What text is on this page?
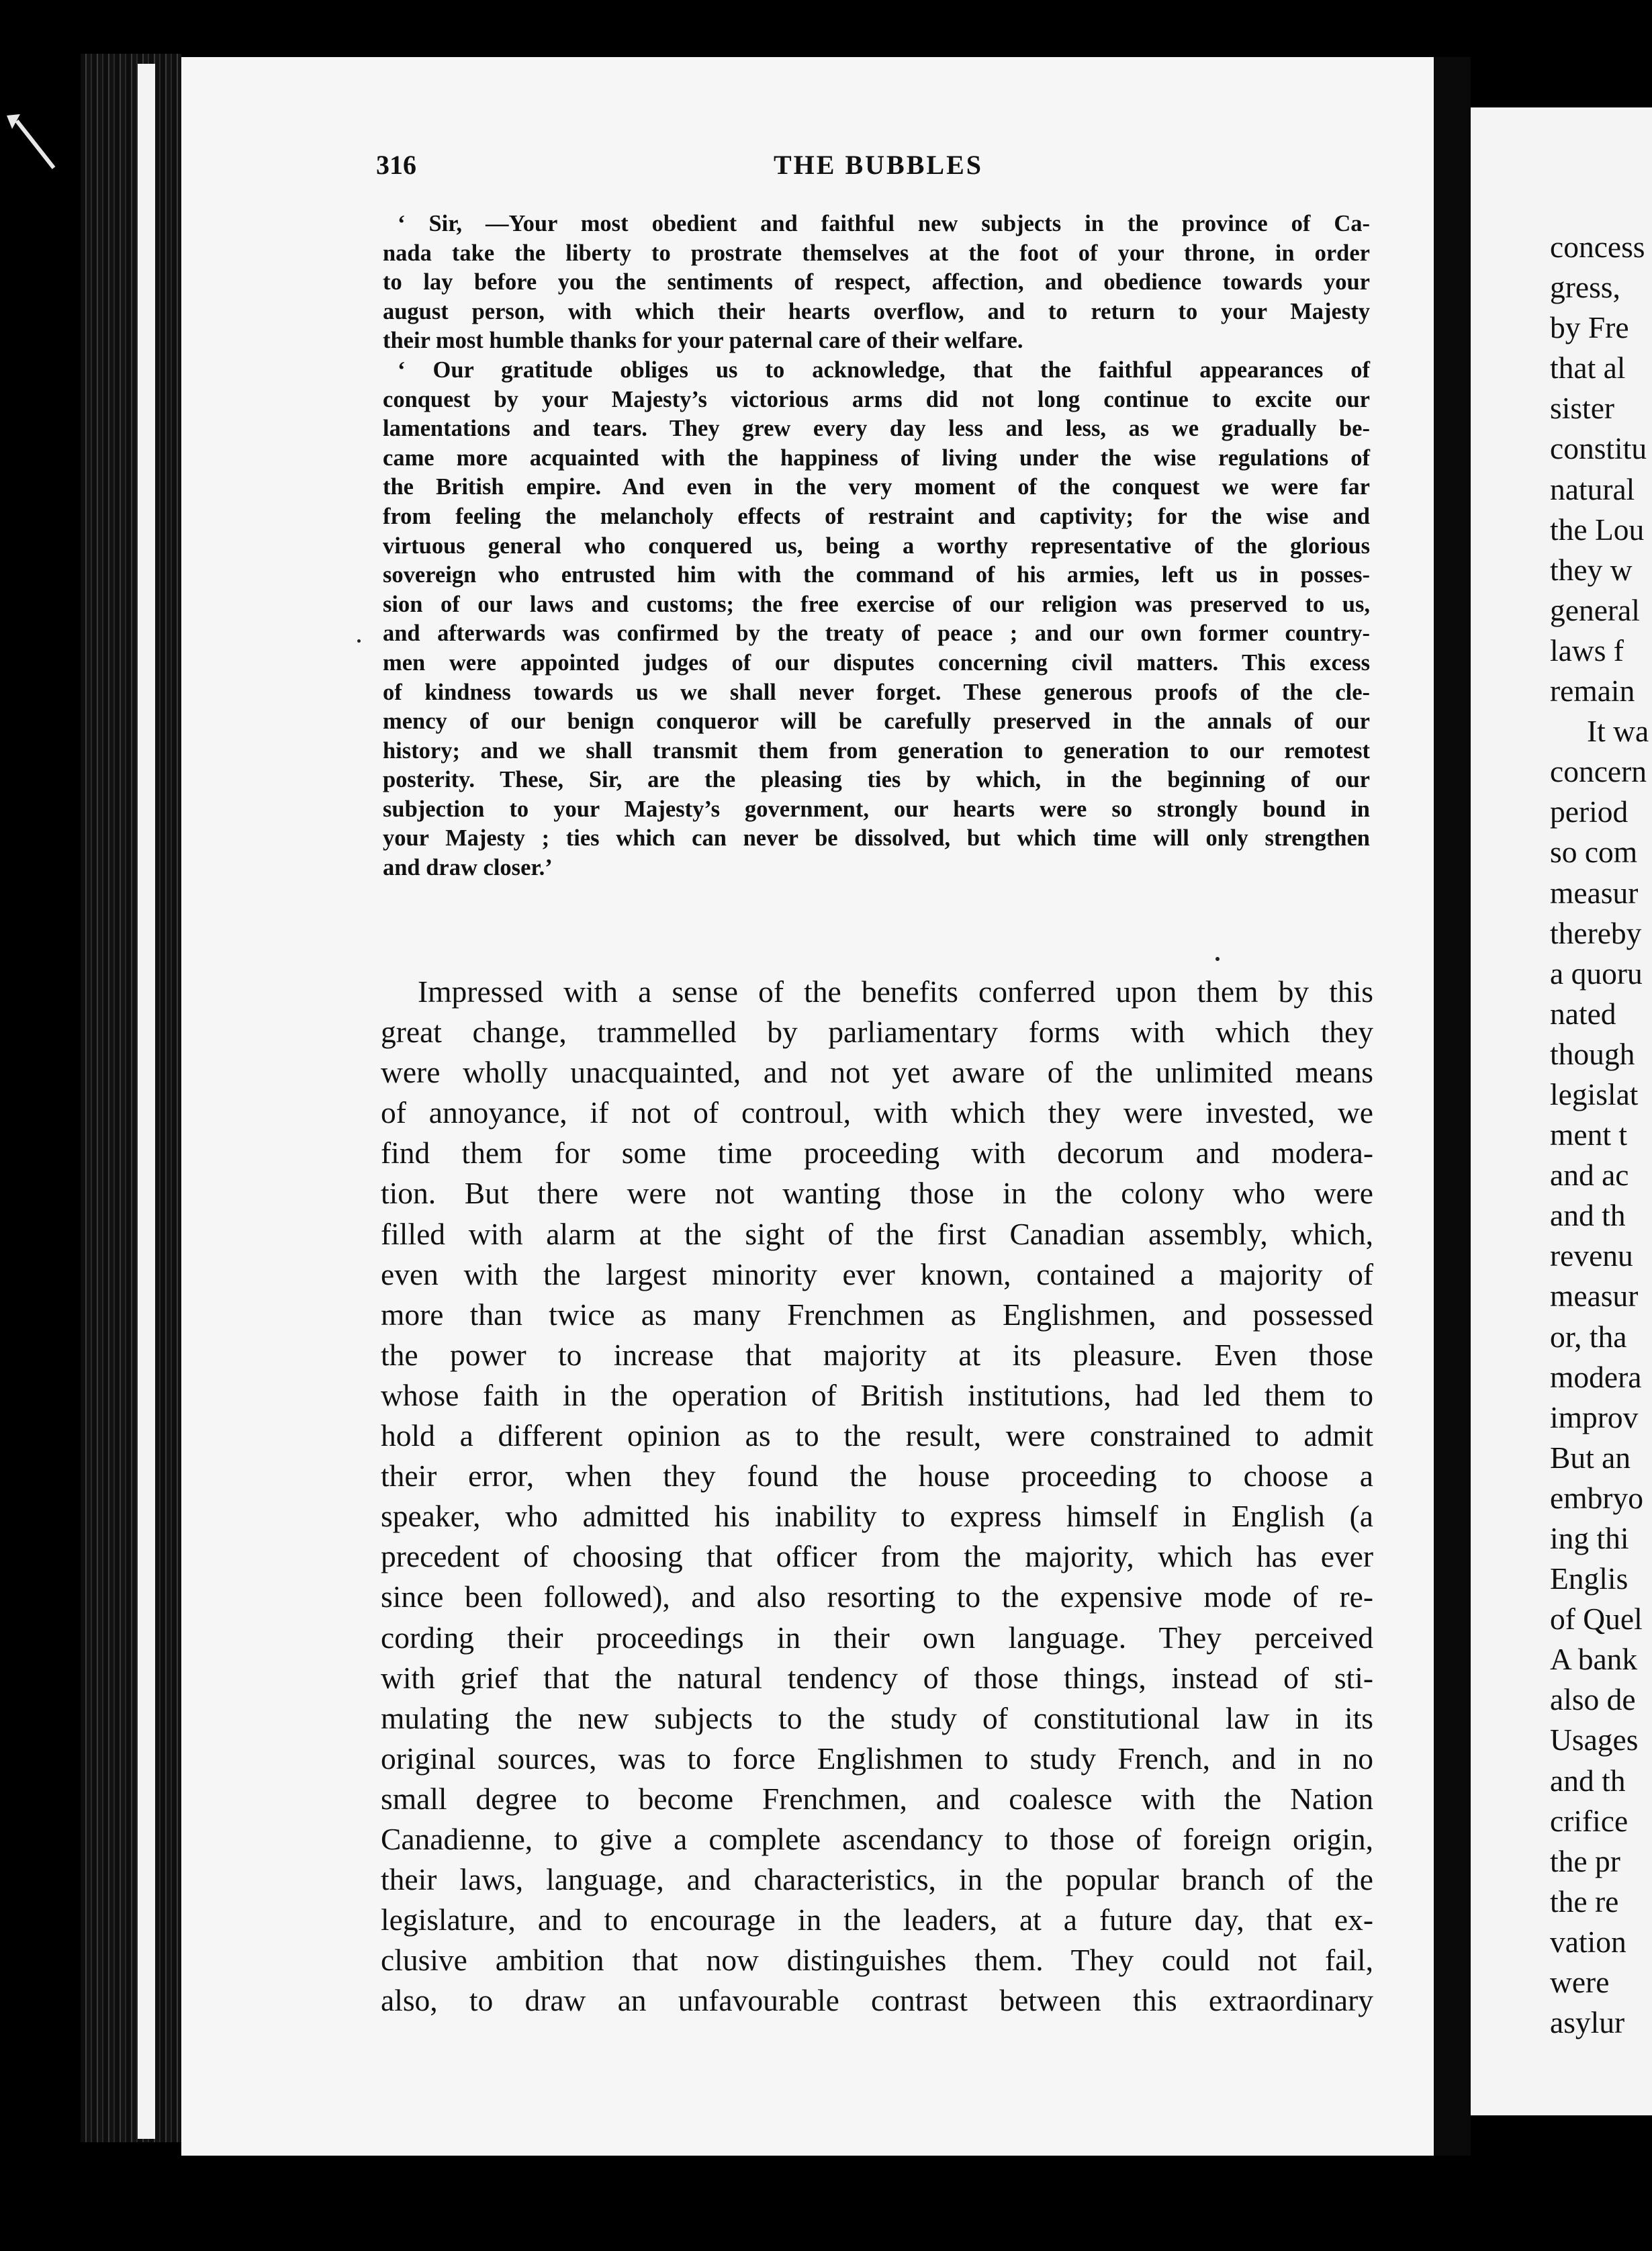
316	THE BUBBLES

‘ Sir, —Your most obedient and faithful new subjects in the province of Ca-

nada take the liberty to prostrate themselves at the foot of your throne, in order

to lay before you the sentiments of respect, affection, and obedience towards your

august person, with which their hearts overflow, and to return to your Majesty

their most humble thanks for your paternal care of their welfare.

‘ Our gratitude obliges us to acknowledge, that the faithful appearances of

conquest by your Majesty’s victorious arms did not long continue to excite our

lamentations and tears. They grew every day less and less, as we gradually be-

came more acquainted with the happiness of living under the wise regulations of

the British empire. And even in the very moment of the conquest we were far

from feeling the melancholy effects of restraint and captivity; for the wise and

virtuous general who conquered us, being a worthy representative of the glorious

sovereign who entrusted him with the command of his armies, left us in posses-

sion of our laws and customs; the free exercise of our religion was preserved to us,

and afterwards was confirmed by the treaty of peace ; and our own former country-

men were appointed judges of our disputes concerning civil matters. This excess

of kindness towards us we shall never forget. These generous proofs of the cle-

mency of our benign conqueror will be carefully preserved in the annals of our

history; and we shall transmit them from generation to generation to our remotest

posterity. These, Sir, are the pleasing ties by which, in the beginning of our

subjection to your Majesty’s government, our hearts were so strongly bound in

your Majesty ; ties which can never be dissolved, but which time will only strengthen

and draw closer.’

Impressed with a sense of the benefits conferred upon them by this
great change, trammelled by parliamentary forms with which they
were wholly unacquainted, and not yet aware of the unlimited means
of annoyance, if not of controul, with which they were invested, we
find them for some time proceeding with decorum and modera-
tion. But there were not wanting those in the colony who were
filled with alarm at the sight of the first Canadian assembly, which,
even with the largest minority ever known, contained a majority of
more than twice as many Frenchmen as Englishmen, and possessed
the power to increase that majority at its pleasure. Even those
whose faith in the operation of British institutions, had led them to
hold a different opinion as to the result, were constrained to admit
their error, when they found the house proceeding to choose a
speaker, who admitted his inability to express himself in English (a
precedent of choosing that officer from the majority, which has ever
since been followed), and also resorting to the expensive mode of re-
cording their proceedings in their own language. They perceived
with grief that the natural tendency of those things, instead of sti-
mulating the new subjects to the study of constitutional law in its
original sources, was to force Englishmen to study French, and in no
small degree to become Frenchmen, and coalesce with the Nation
Canadienne, to give a complete ascendancy to those of foreign origin,
their laws, language, and characteristics, in the popular branch of the
legislature, and to encourage in the leaders, at a future day, that ex-
clusive ambition that now distinguishes them. They could not fail,
also, to draw an unfavourable contrast between this extraordinary
concess
gress,
by Fre
that al
sister
constitu
natural
the Lou
they w
general
laws f
remain
It wa
concern
period
so com
measur
thereby
a quoru
nated
though
legislat
ment t
and ac
and th
revenu
measur
or, tha
modera
improv
But an
embryo
ing thi
Englis
of Quel
A bank
also de
Usages
and th
crifice
the pr
the re
vation
were
asylur
